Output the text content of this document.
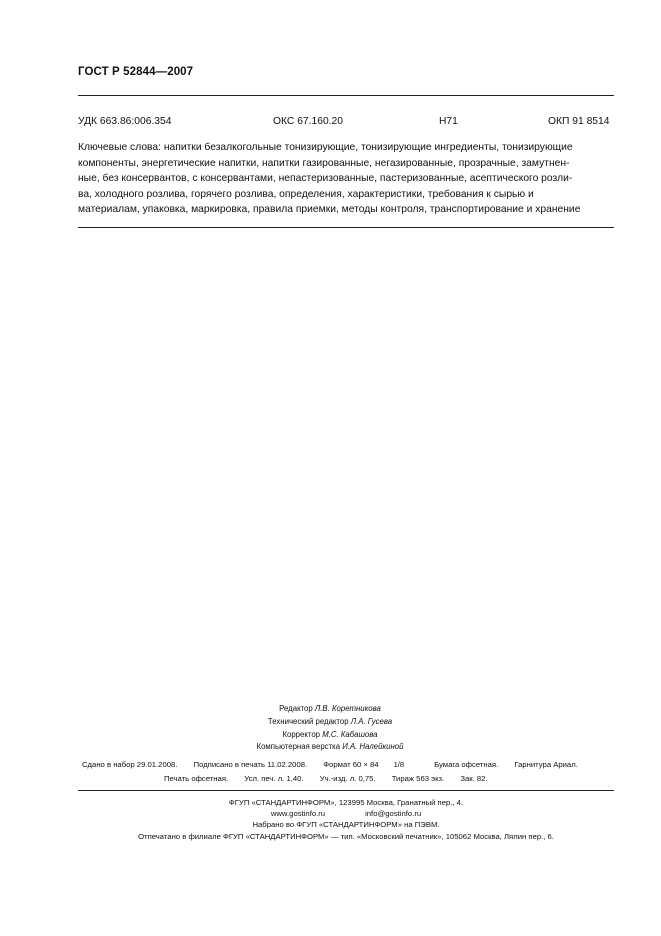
ГОСТ Р 52844—2007
УДК 663.86:006.354	ОКС 67.160.20	Н71	ОКП 91 8514
Ключевые слова: напитки безалкогольные тонизирующие, тонизирующие ингредиенты, тонизирующие
компоненты, энергетические напитки, напитки газированные, негазированные, прозрачные, замутнен-
ные, без консервантов, с консервантами, непастеризованные, пастеризованные, асептического розли-
ва, холодного розлива, горячего розлива, определения, характеристики, требования к сырью и
материалам, упаковка, маркировка, правила приемки, методы контроля, транспортирование и хранение
Редактор Л.В. Коретникова
Технический редактор Л.А. Гусева
Корректор М.С. Кабашова
Компьютерная верстка И.А. Налейкиной
Сдано в набор 29.01.2008. Подписано в печать 11.02.2008. Формат 60 × 84 1/8	Бумага офсетная. Гарнитура Ариал.
Печать офсетная. Усл. печ. л. 1,40. Уч.-изд. л. 0,75. Тираж 563 экз. Зак. 82.
ФГУП «СТАНДАРТИНФОРМ», 123995 Москва, Гранатный пер., 4.
www.gostinfo.ru	info@gostinfo.ru
Набрано во ФГУП «СТАНДАРТИНФОРМ» на ПЭВМ.
Отпечатано в филиале ФГУП «СТАНДАРТИНФОРМ» — тип. «Московский печатник», 105062 Москва, Лялин пер., 6.
